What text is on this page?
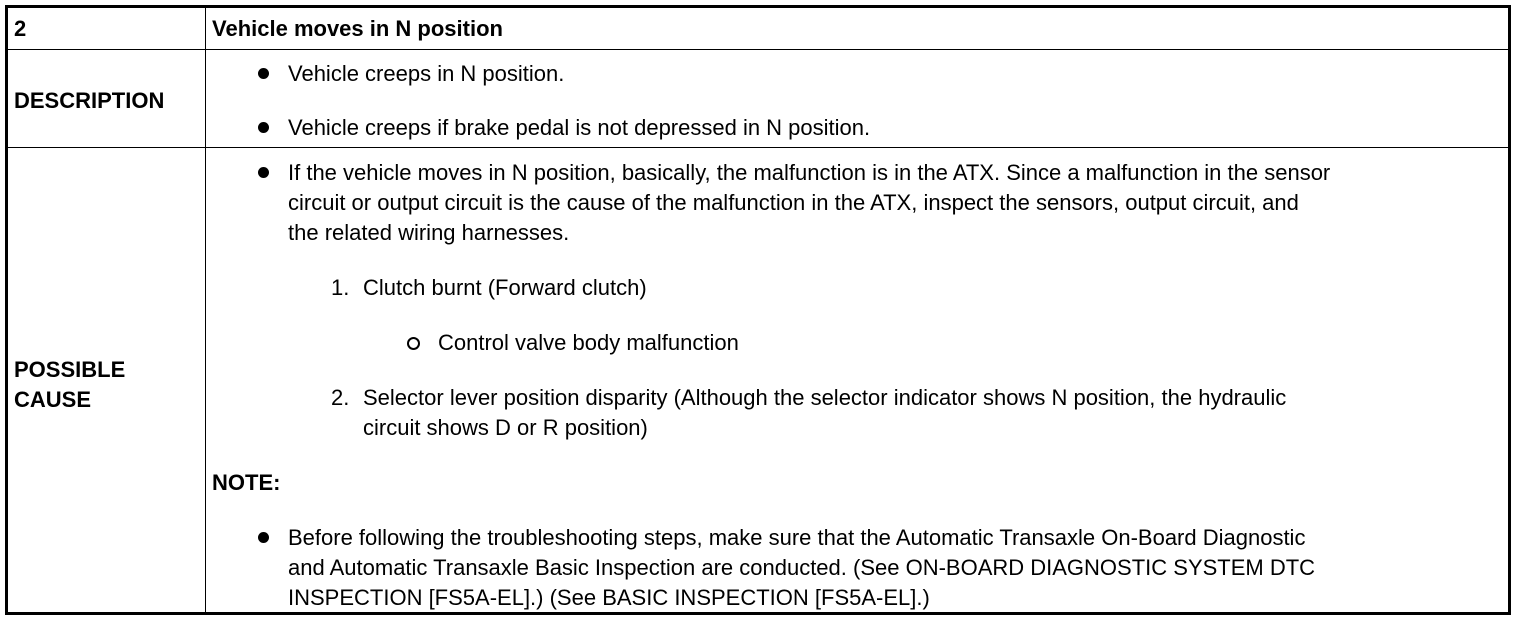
2	Vehicle moves in N position
DESCRIPTION
Vehicle creeps in N position.
Vehicle creeps if brake pedal is not depressed in N position.
POSSIBLE
CAUSE
If the vehicle moves in N position, basically, the malfunction is in the ATX. Since a malfunction in the sensor
circuit or output circuit is the cause of the malfunction in the ATX, inspect the sensors, output circuit, and
the related wiring harnesses.
1. Clutch burnt (Forward clutch)
Control valve body malfunction
2. Selector lever position disparity (Although the selector indicator shows N position, the hydraulic
circuit shows D or R position)
NOTE:
Before following the troubleshooting steps, make sure that the Automatic Transaxle On-Board Diagnostic
and Automatic Transaxle Basic Inspection are conducted. (See ON-BOARD DIAGNOSTIC SYSTEM DTC
INSPECTION [FS5A-EL].) (See BASIC INSPECTION [FS5A-EL].)
